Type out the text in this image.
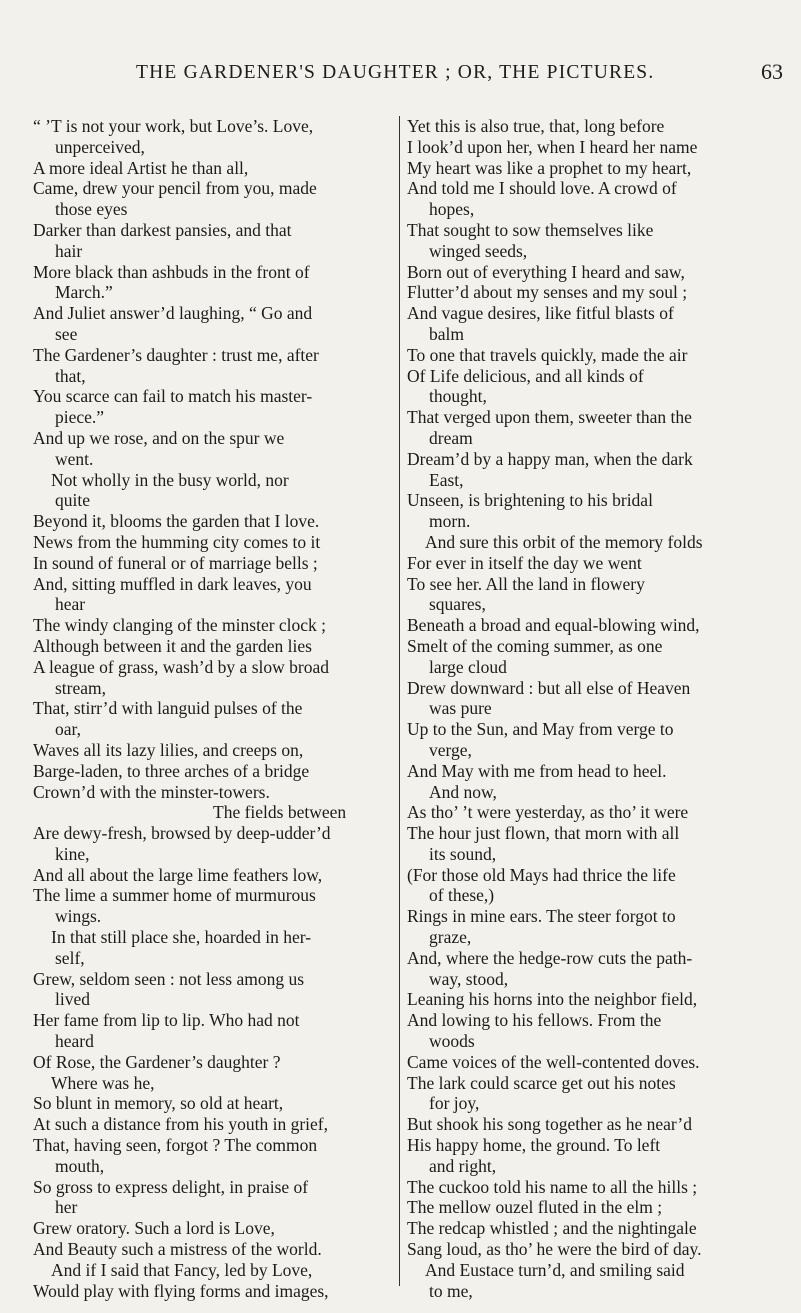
THE GARDENER'S DAUGHTER ; OR, THE PICTURES.	63
“ ’T is not your work, but Love’s. Love,
unperceived,
A more ideal Artist he than all,
Came, drew your pencil from you, made
those eyes
Darker than darkest pansies, and that
hair
More black than ashbuds in the front of
March.”
And Juliet answer’d laughing, “ Go and
see
The Gardener’s daughter : trust me, after
that,
You scarce can fail to match his master-
piece.”
And up we rose, and on the spur we
went.
Not wholly in the busy world, nor
quite
Beyond it, blooms the garden that I love.
News from the humming city comes to it
In sound of funeral or of marriage bells ;
And, sitting muffled in dark leaves, you
hear
The windy clanging of the minster clock ;
Although between it and the garden lies
A league of grass, wash’d by a slow broad
stream,
That, stirr’d with languid pulses of the
oar,
Waves all its lazy lilies, and creeps on,
Barge-laden, to three arches of a bridge
Crown’d with the minster-towers.
The fields between
Are dewy-fresh, browsed by deep-udder’d
kine,
And all about the large lime feathers low,
The lime a summer home of murmurous
wings.
In that still place she, hoarded in her-
self,
Grew, seldom seen : not less among us
lived
Her fame from lip to lip. Who had not
heard
Of Rose, the Gardener’s daughter ?
Where was he,
So blunt in memory, so old at heart,
At such a distance from his youth in grief,
That, having seen, forgot ? The common
mouth,
So gross to express delight, in praise of
her
Grew oratory. Such a lord is Love,
And Beauty such a mistress of the world.
And if I said that Fancy, led by Love,
Would play with flying forms and images,
Yet this is also true, that, long before
I look’d upon her, when I heard her name
My heart was like a prophet to my heart,
And told me I should love. A crowd of
hopes,
That sought to sow themselves like
winged seeds,
Born out of everything I heard and saw,
Flutter’d about my senses and my soul ;
And vague desires, like fitful blasts of
balm
To one that travels quickly, made the air
Of Life delicious, and all kinds of
thought,
That verged upon them, sweeter than the
dream
Dream’d by a happy man, when the dark
East,
Unseen, is brightening to his bridal
morn.
And sure this orbit of the memory folds
For ever in itself the day we went
To see her. All the land in flowery
squares,
Beneath a broad and equal-blowing wind,
Smelt of the coming summer, as one
large cloud
Drew downward : but all else of Heaven
was pure
Up to the Sun, and May from verge to
verge,
And May with me from head to heel.
And now,
As tho’ ’t were yesterday, as tho’ it were
The hour just flown, that morn with all
its sound,
(For those old Mays had thrice the life
of these,)
Rings in mine ears. The steer forgot to
graze,
And, where the hedge-row cuts the path-
way, stood,
Leaning his horns into the neighbor field,
And lowing to his fellows. From the
woods
Came voices of the well-contented doves.
The lark could scarce get out his notes
for joy,
But shook his song together as he near’d
His happy home, the ground. To left
and right,
The cuckoo told his name to all the hills ;
The mellow ouzel fluted in the elm ;
The redcap whistled ; and the nightingale
Sang loud, as tho’ he were the bird of day.
And Eustace turn’d, and smiling said
to me,
